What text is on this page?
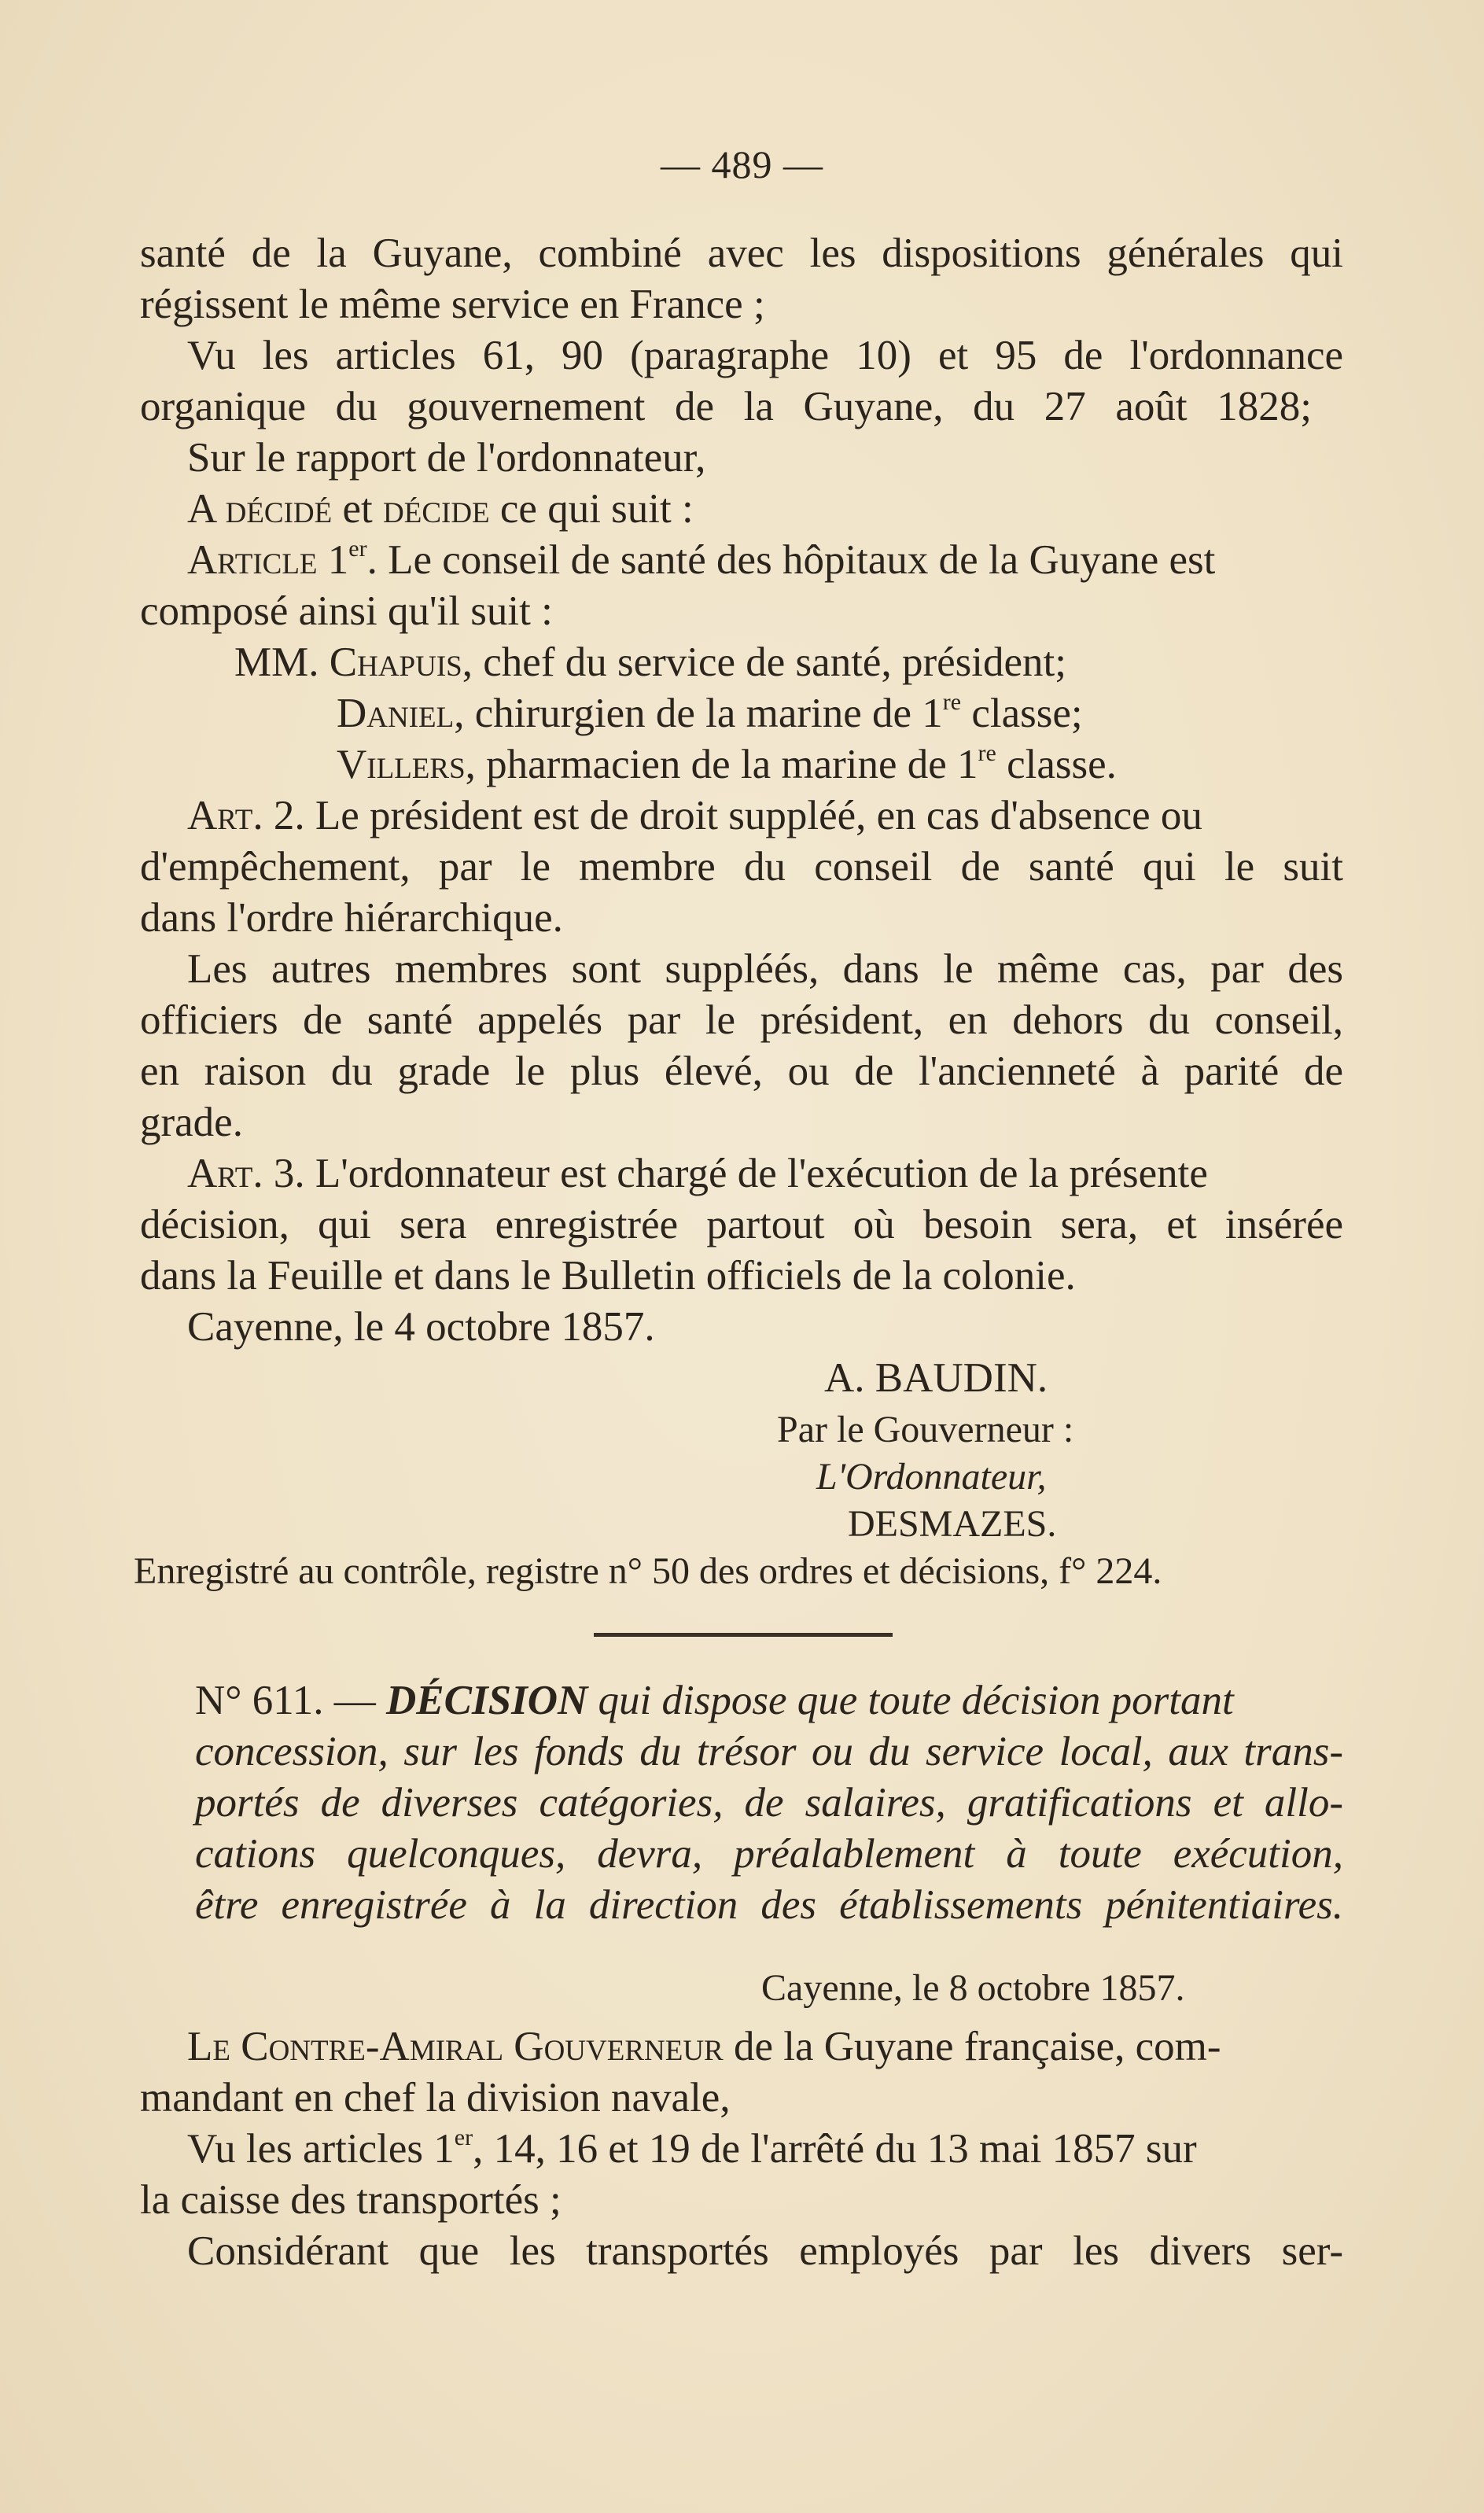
— 489 —
santé de la Guyane, combiné avec les dispositions générales qui
régissent le même service en France ;
Vu les articles 61, 90 (paragraphe 10) et 95 de l'ordonnance
organique du gouvernement de la Guyane, du 27 août 1828;
Sur le rapport de l'ordonnateur,
A décidé et décide ce qui suit :
Article 1er. Le conseil de santé des hôpitaux de la Guyane est
composé ainsi qu'il suit :
MM. Chapuis, chef du service de santé, président;
Daniel, chirurgien de la marine de 1re classe;
Villers, pharmacien de la marine de 1re classe.
Art. 2. Le président est de droit suppléé, en cas d'absence ou
d'empêchement, par le membre du conseil de santé qui le suit
dans l'ordre hiérarchique.
Les autres membres sont suppléés, dans le même cas, par des
officiers de santé appelés par le président, en dehors du conseil,
en raison du grade le plus élevé, ou de l'ancienneté à parité de
grade.
Art. 3. L'ordonnateur est chargé de l'exécution de la présente
décision, qui sera enregistrée partout où besoin sera, et insérée
dans la Feuille et dans le Bulletin officiels de la colonie.
Cayenne, le 4 octobre 1857.
A. BAUDIN.
Par le Gouverneur :
L'Ordonnateur,
DESMAZES.
Enregistré au contrôle, registre n° 50 des ordres et décisions, f° 224.
N° 611. — DÉCISION qui dispose que toute décision portant
concession, sur les fonds du trésor ou du service local, aux trans-
portés de diverses catégories, de salaires, gratifications et allo-
cations quelconques, devra, préalablement à toute exécution,
être enregistrée à la direction des établissements pénitentiaires.
Cayenne, le 8 octobre 1857.
Le Contre-Amiral Gouverneur de la Guyane française, com-
mandant en chef la division navale,
Vu les articles 1er, 14, 16 et 19 de l'arrêté du 13 mai 1857 sur
la caisse des transportés ;
Considérant que les transportés employés par les divers ser-
